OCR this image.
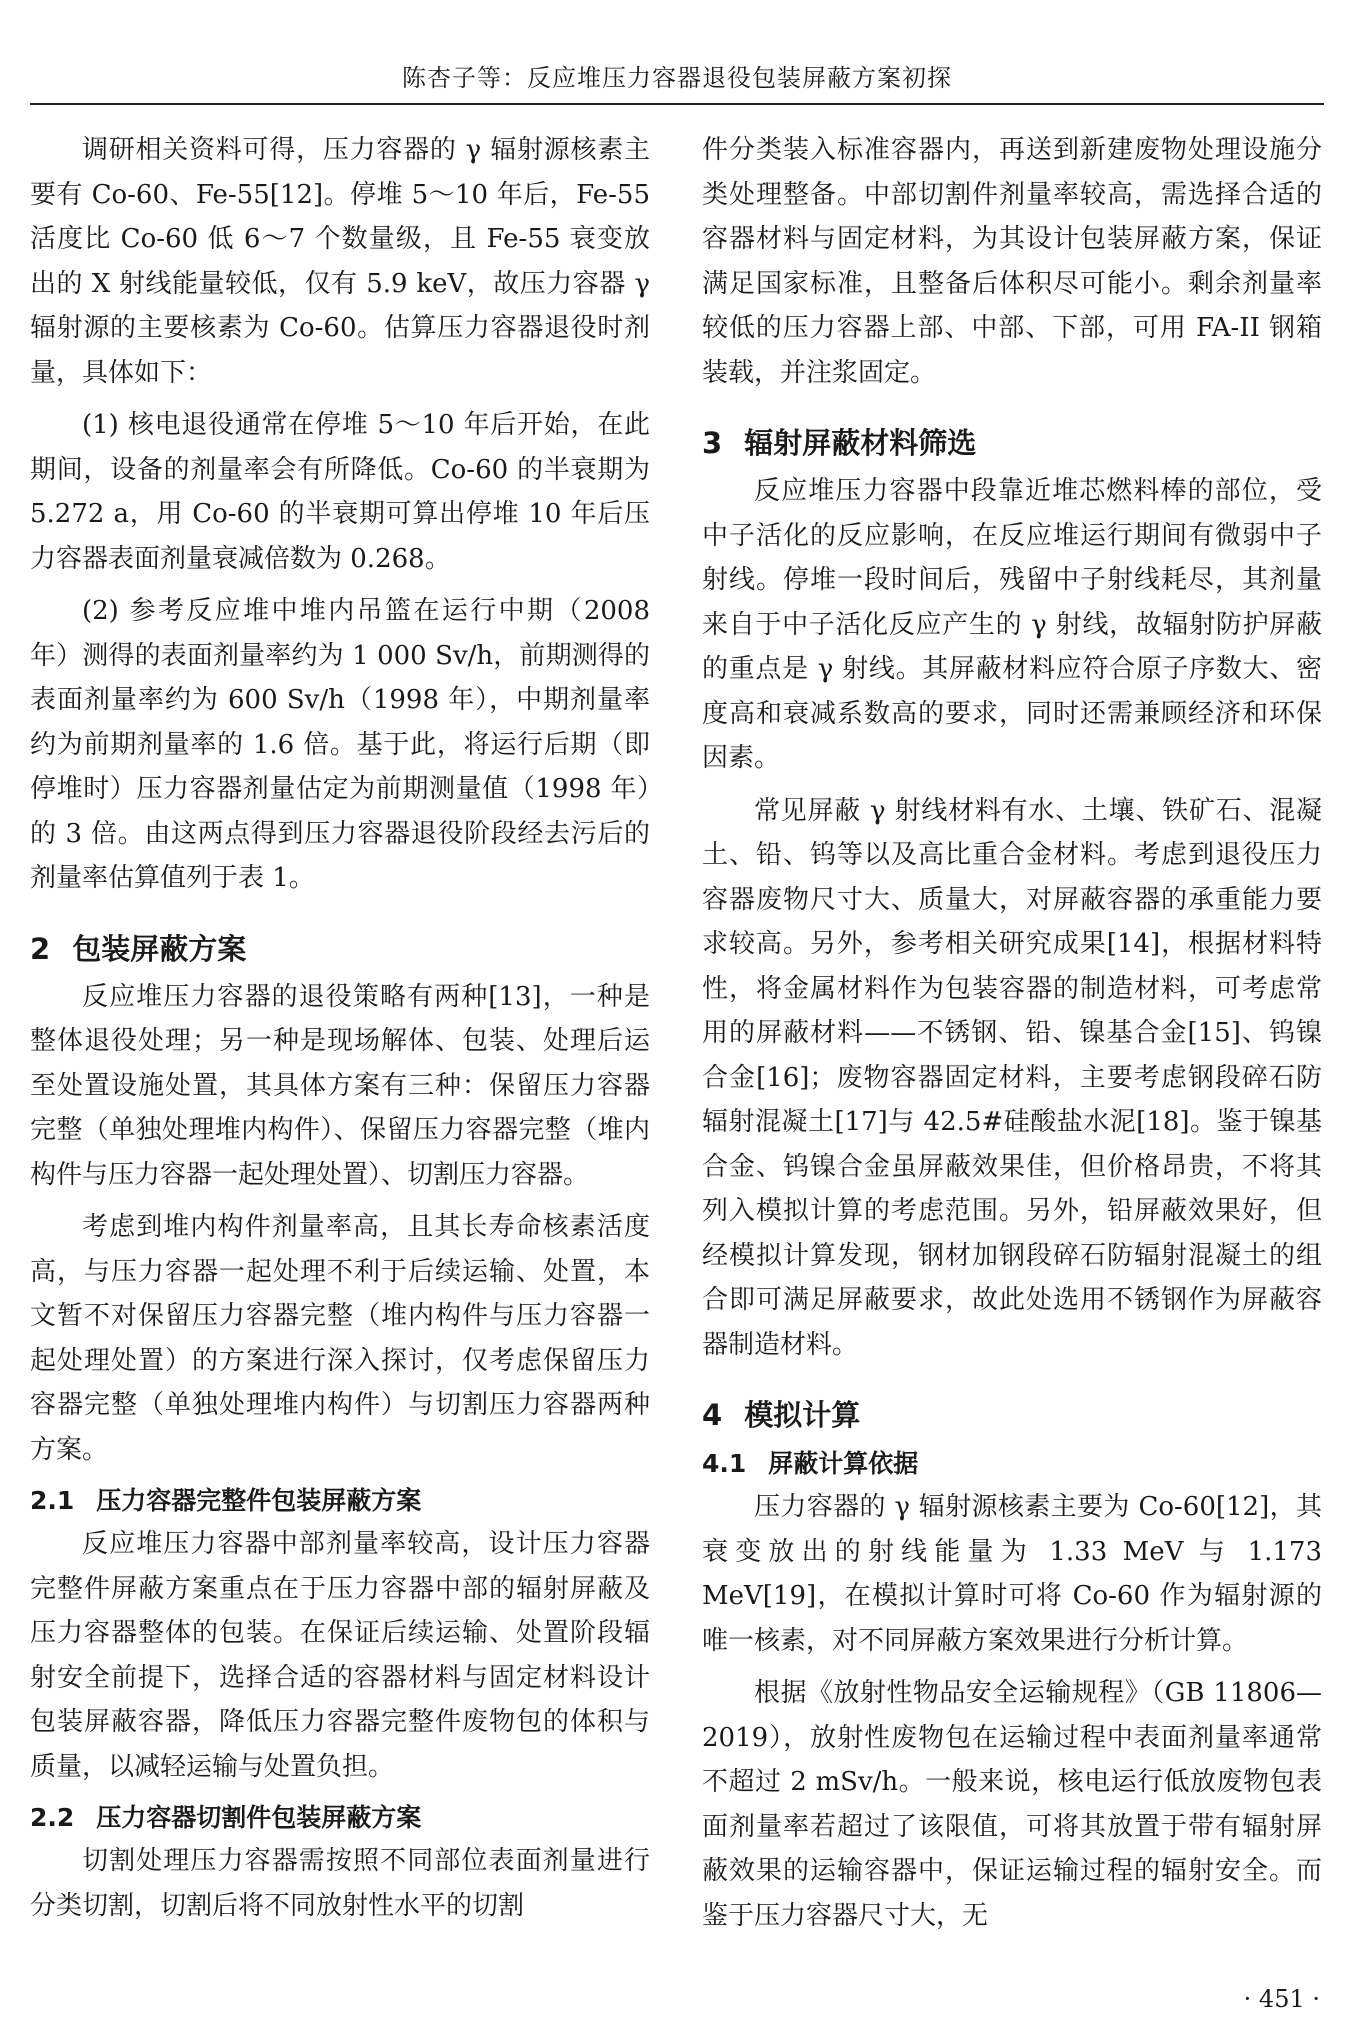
陈杏子等：反应堆压力容器退役包装屏蔽方案初探

调研相关资料可得，压力容器的 γ 辐射源核素主要有 Co-60、Fe-55[12]。停堆 5～10 年后，Fe-55 活度比 Co-60 低 6～7 个数量级，且 Fe-55 衰变放出的 X 射线能量较低，仅有 5.9 keV，故压力容器 γ 辐射源的主要核素为 Co-60。估算压力容器退役时剂量，具体如下：

(1) 核电退役通常在停堆 5～10 年后开始，在此期间，设备的剂量率会有所降低。Co-60 的半衰期为 5.272 a，用 Co-60 的半衰期可算出停堆 10 年后压力容器表面剂量衰减倍数为 0.268。

(2) 参考反应堆中堆内吊篮在运行中期（2008 年）测得的表面剂量率约为 1 000 Sv/h，前期测得的表面剂量率约为 600 Sv/h（1998 年），中期剂量率约为前期剂量率的 1.6 倍。基于此，将运行后期（即停堆时）压力容器剂量估定为前期测量值（1998 年）的 3 倍。由这两点得到压力容器退役阶段经去污后的剂量率估算值列于表 1。

2 包装屏蔽方案

反应堆压力容器的退役策略有两种[13]，一种是整体退役处理；另一种是现场解体、包装、处理后运至处置设施处置，其具体方案有三种：保留压力容器完整（单独处理堆内构件）、保留压力容器完整（堆内构件与压力容器一起处理处置）、切割压力容器。

考虑到堆内构件剂量率高，且其长寿命核素活度高，与压力容器一起处理不利于后续运输、处置，本文暂不对保留压力容器完整（堆内构件与压力容器一起处理处置）的方案进行深入探讨，仅考虑保留压力容器完整（单独处理堆内构件）与切割压力容器两种方案。

2.1 压力容器完整件包装屏蔽方案

反应堆压力容器中部剂量率较高，设计压力容器完整件屏蔽方案重点在于压力容器中部的辐射屏蔽及压力容器整体的包装。在保证后续运输、处置阶段辐射安全前提下，选择合适的容器材料与固定材料设计包装屏蔽容器，降低压力容器完整件废物包的体积与质量，以减轻运输与处置负担。

2.2 压力容器切割件包装屏蔽方案

切割处理压力容器需按照不同部位表面剂量进行分类切割，切割后将不同放射性水平的切割

件分类装入标准容器内，再送到新建废物处理设施分类处理整备。中部切割件剂量率较高，需选择合适的容器材料与固定材料，为其设计包装屏蔽方案，保证满足国家标准，且整备后体积尽可能小。剩余剂量率较低的压力容器上部、中部、下部，可用 FA-II 钢箱装载，并注浆固定。

3 辐射屏蔽材料筛选

反应堆压力容器中段靠近堆芯燃料棒的部位，受中子活化的反应影响，在反应堆运行期间有微弱中子射线。停堆一段时间后，残留中子射线耗尽，其剂量来自于中子活化反应产生的 γ 射线，故辐射防护屏蔽的重点是 γ 射线。其屏蔽材料应符合原子序数大、密度高和衰减系数高的要求，同时还需兼顾经济和环保因素。

常见屏蔽 γ 射线材料有水、土壤、铁矿石、混凝土、铅、钨等以及高比重合金材料。考虑到退役压力容器废物尺寸大、质量大，对屏蔽容器的承重能力要求较高。另外，参考相关研究成果[14]，根据材料特性，将金属材料作为包装容器的制造材料，可考虑常用的屏蔽材料——不锈钢、铅、镍基合金[15]、钨镍合金[16]；废物容器固定材料，主要考虑钢段碎石防辐射混凝土[17]与 42.5#硅酸盐水泥[18]。鉴于镍基合金、钨镍合金虽屏蔽效果佳，但价格昂贵，不将其列入模拟计算的考虑范围。另外，铅屏蔽效果好，但经模拟计算发现，钢材加钢段碎石防辐射混凝土的组合即可满足屏蔽要求，故此处选用不锈钢作为屏蔽容器制造材料。

4 模拟计算
4.1 屏蔽计算依据

压力容器的 γ 辐射源核素主要为 Co-60[12]，其衰变放出的射线能量为 1.33 MeV 与 1.173 MeV[19]，在模拟计算时可将 Co-60 作为辐射源的唯一核素，对不同屏蔽方案效果进行分析计算。

根据《放射性物品安全运输规程》（GB 11806—2019），放射性废物包在运输过程中表面剂量率通常不超过 2 mSv/h。一般来说，核电运行低放废物包表面剂量率若超过了该限值，可将其放置于带有辐射屏蔽效果的运输容器中，保证运输过程的辐射安全。而鉴于压力容器尺寸大，无

· 451 ·
